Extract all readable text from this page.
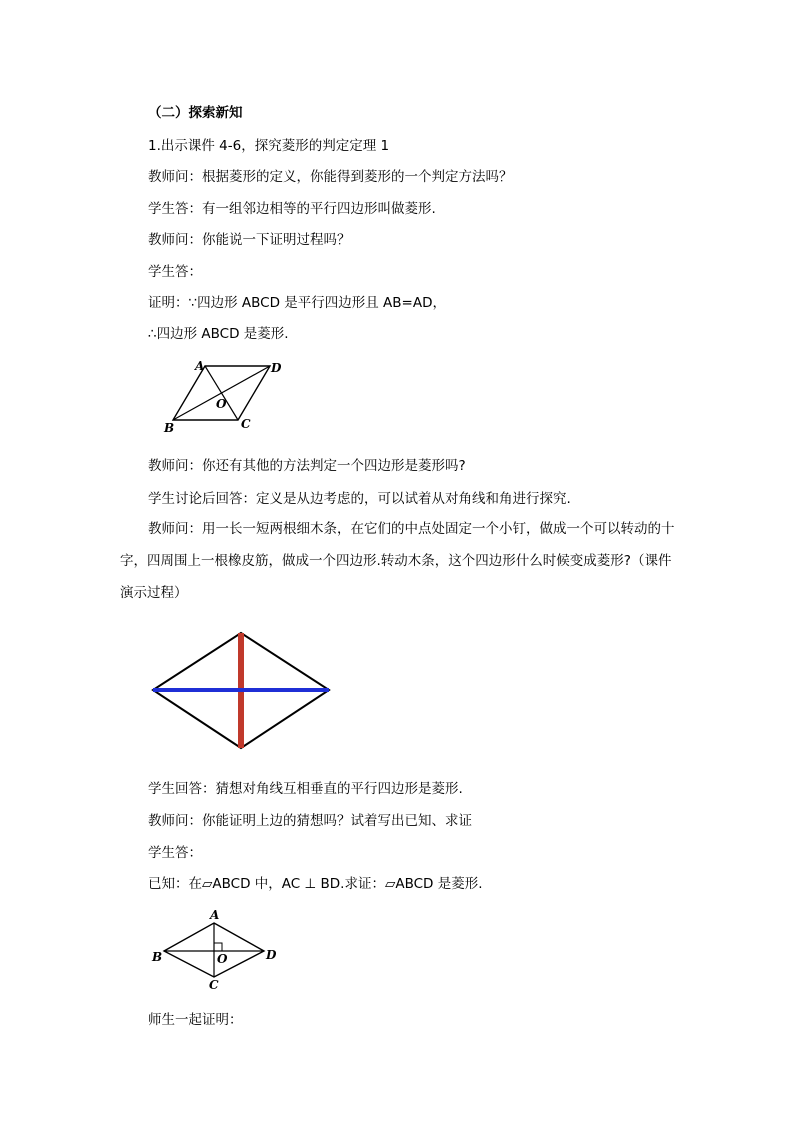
（二）探索新知
1.出示课件 4-6，探究菱形的判定定理 1
教师问：根据菱形的定义，你能得到菱形的一个判定方法吗？
学生答：有一组邻边相等的平行四边形叫做菱形.
教师问：你能说一下证明过程吗？
学生答：
证明：∵四边形 ABCD 是平行四边形且 AB=AD，
∴四边形 ABCD 是菱形.
A	D
O
B	C
教师问：你还有其他的方法判定一个四边形是菱形吗?
学生讨论后回答：定义是从边考虑的，可以试着从对角线和角进行探究.
教师问：用一长一短两根细木条，在它们的中点处固定一个小钉，做成一个可以转动的十字，四周围上一根橡皮筋，做成一个四边形.转动木条，这个四边形什么时候变成菱形?（课件演示过程）
学生回答：猜想对角线互相垂直的平行四边形是菱形.
教师问：你能证明上边的猜想吗？试着写出已知、求证
学生答：
已知：在▱ABCD 中，AC ⊥ BD.求证：▱ABCD 是菱形.
A
B	D
O
C
师生一起证明：
